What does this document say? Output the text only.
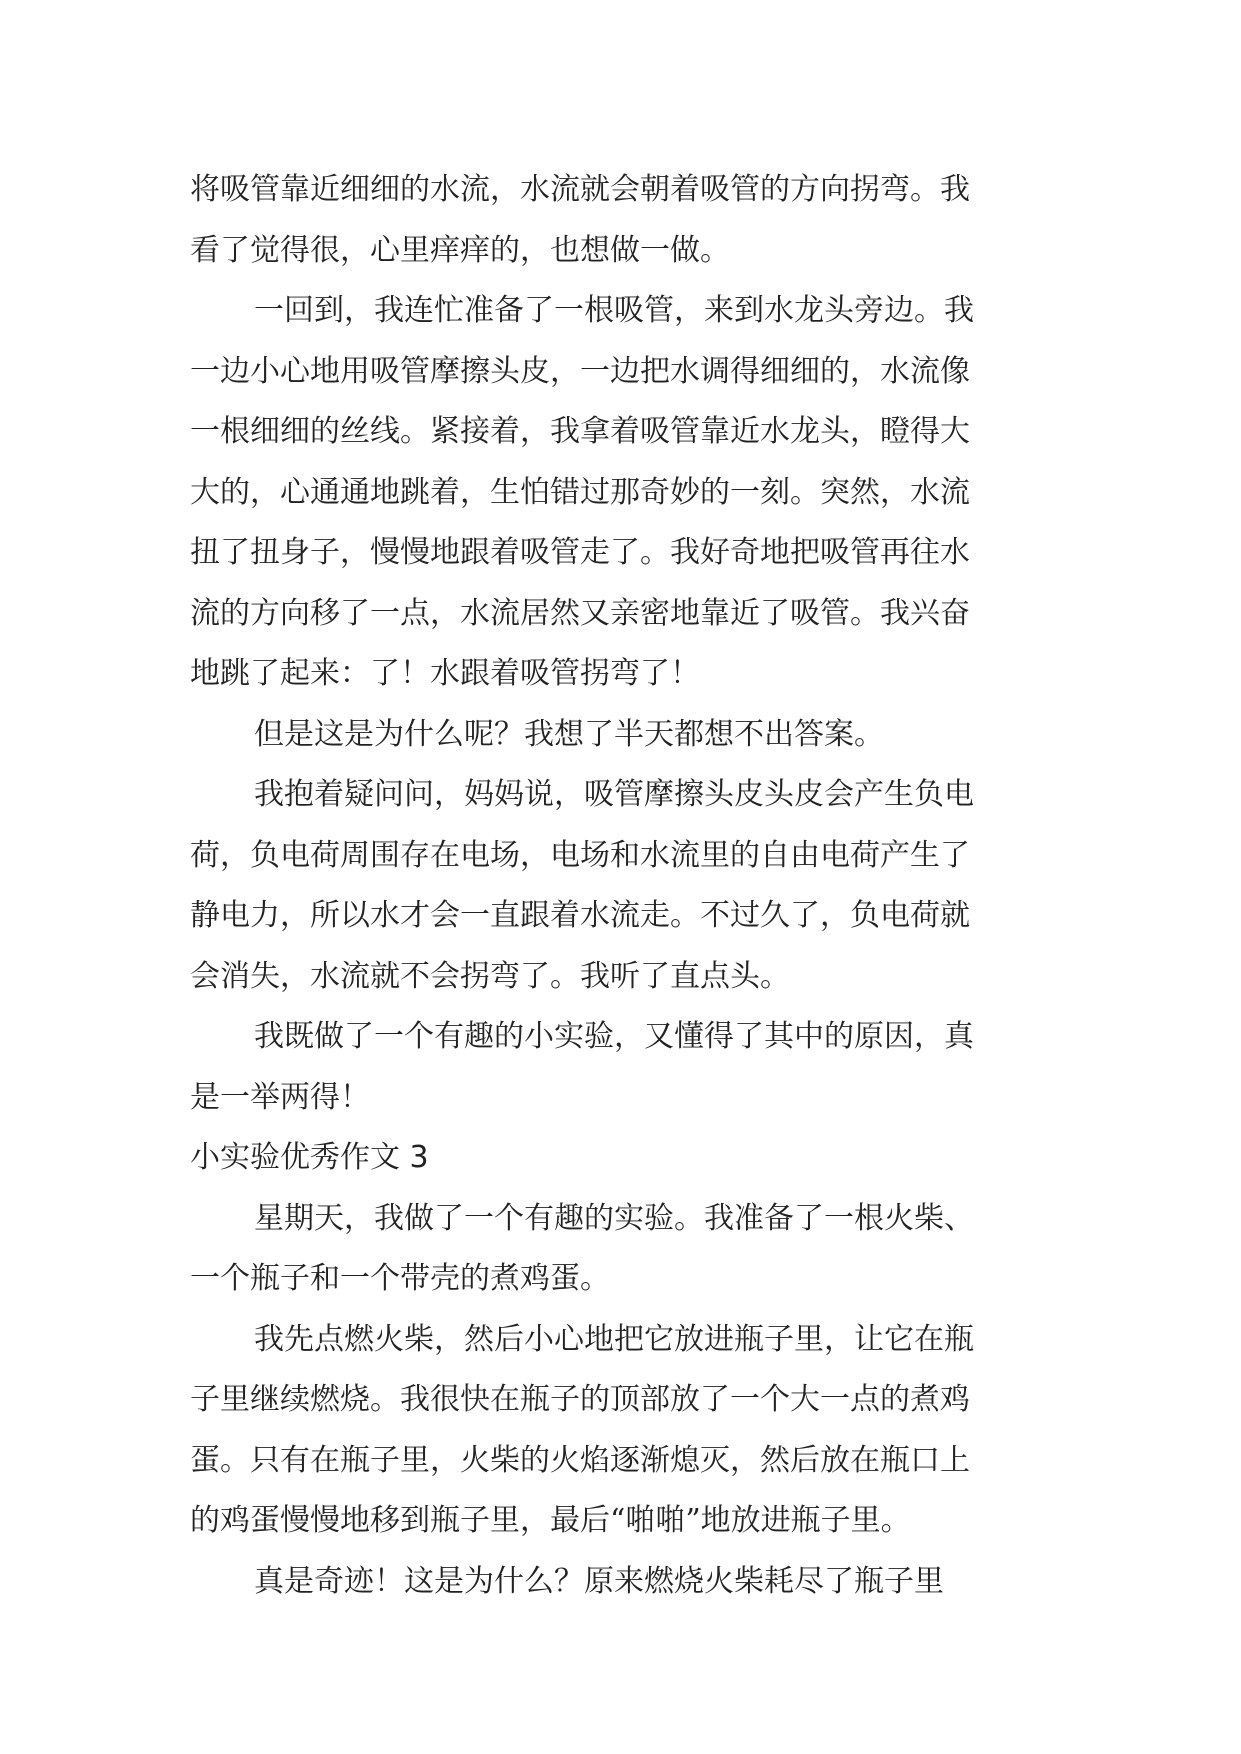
将吸管靠近细细的水流，水流就会朝着吸管的方向拐弯。我
看了觉得很，心里痒痒的，也想做一做。
一回到，我连忙准备了一根吸管，来到水龙头旁边。我
一边小心地用吸管摩擦头皮，一边把水调得细细的，水流像
一根细细的丝线。紧接着，我拿着吸管靠近水龙头，瞪得大
大的，心通通地跳着，生怕错过那奇妙的一刻。突然，水流
扭了扭身子，慢慢地跟着吸管走了。我好奇地把吸管再往水
流的方向移了一点，水流居然又亲密地靠近了吸管。我兴奋
地跳了起来：了！水跟着吸管拐弯了！
但是这是为什么呢？我想了半天都想不出答案。
我抱着疑问问，妈妈说，吸管摩擦头皮头皮会产生负电
荷，负电荷周围存在电场，电场和水流里的自由电荷产生了
静电力，所以水才会一直跟着水流走。不过久了，负电荷就
会消失，水流就不会拐弯了。我听了直点头。
我既做了一个有趣的小实验，又懂得了其中的原因，真
是一举两得！
小实验优秀作文 3
星期天，我做了一个有趣的实验。我准备了一根火柴、
一个瓶子和一个带壳的煮鸡蛋。
我先点燃火柴，然后小心地把它放进瓶子里，让它在瓶
子里继续燃烧。我很快在瓶子的顶部放了一个大一点的煮鸡
蛋。只有在瓶子里，火柴的火焰逐渐熄灭，然后放在瓶口上
的鸡蛋慢慢地移到瓶子里，最后“啪啪”地放进瓶子里。
真是奇迹！这是为什么？原来燃烧火柴耗尽了瓶子里
